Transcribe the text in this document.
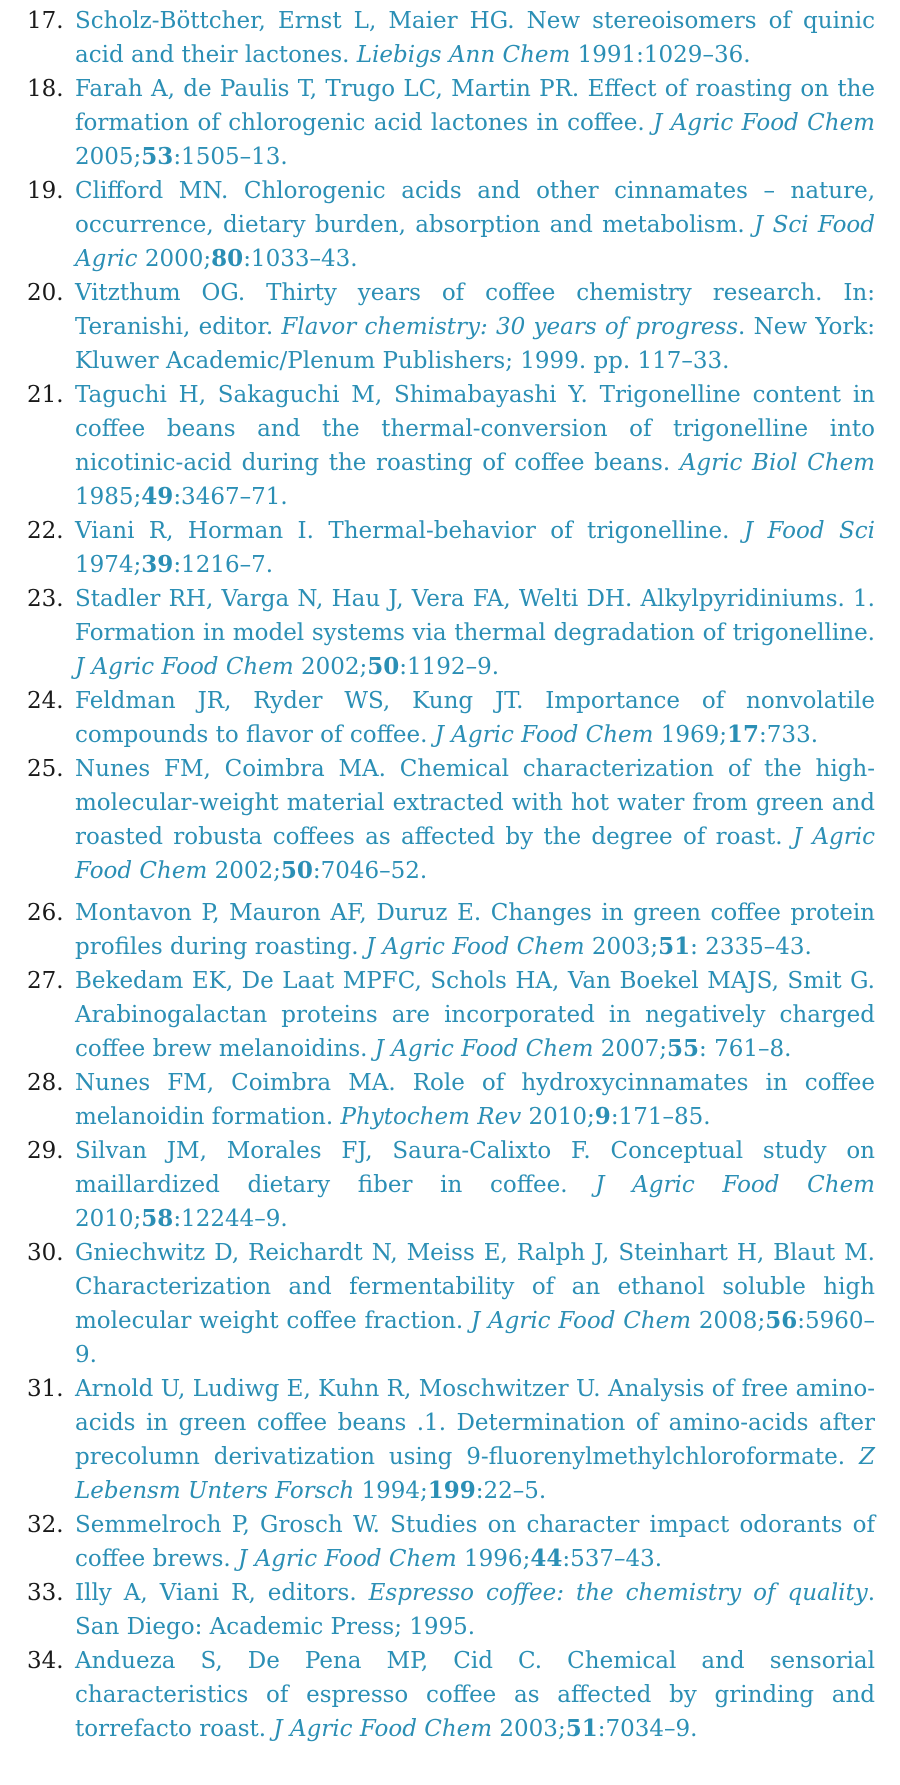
17. Scholz-Böttcher, Ernst L, Maier HG. New stereoisomers of quinic acid and their lactones. Liebigs Ann Chem 1991:1029–36.
18. Farah A, de Paulis T, Trugo LC, Martin PR. Effect of roasting on the formation of chlorogenic acid lactones in coffee. J Agric Food Chem 2005;53:1505–13.
19. Clifford MN. Chlorogenic acids and other cinnamates – nature, occurrence, dietary burden, absorption and metabolism. J Sci Food Agric 2000;80:1033–43.
20. Vitzthum OG. Thirty years of coffee chemistry research. In: Teranishi, editor. Flavor chemistry: 30 years of progress. New York: Kluwer Academic/Plenum Publishers; 1999. pp. 117–33.
21. Taguchi H, Sakaguchi M, Shimabayashi Y. Trigonelline content in coffee beans and the thermal-conversion of trigonelline into nicotinic-acid during the roasting of coffee beans. Agric Biol Chem 1985;49:3467–71.
22. Viani R, Horman I. Thermal-behavior of trigonelline. J Food Sci 1974;39:1216–7.
23. Stadler RH, Varga N, Hau J, Vera FA, Welti DH. Alkylpyridiniums. 1. Formation in model systems via thermal degradation of trigonelline. J Agric Food Chem 2002;50:1192–9.
24. Feldman JR, Ryder WS, Kung JT. Importance of nonvolatile compounds to flavor of coffee. J Agric Food Chem 1969;17:733.
25. Nunes FM, Coimbra MA. Chemical characterization of the high-molecular-weight material extracted with hot water from green and roasted robusta coffees as affected by the degree of roast. J Agric Food Chem 2002;50:7046–52.
26. Montavon P, Mauron AF, Duruz E. Changes in green coffee protein profiles during roasting. J Agric Food Chem 2003;51: 2335–43.
27. Bekedam EK, De Laat MPFC, Schols HA, Van Boekel MAJS, Smit G. Arabinogalactan proteins are incorporated in negatively charged coffee brew melanoidins. J Agric Food Chem 2007;55: 761–8.
28. Nunes FM, Coimbra MA. Role of hydroxycinnamates in coffee melanoidin formation. Phytochem Rev 2010;9:171–85.
29. Silvan JM, Morales FJ, Saura-Calixto F. Conceptual study on maillardized dietary fiber in coffee. J Agric Food Chem 2010;58:12244–9.
30. Gniechwitz D, Reichardt N, Meiss E, Ralph J, Steinhart H, Blaut M. Characterization and fermentability of an ethanol soluble high molecular weight coffee fraction. J Agric Food Chem 2008;56:5960–9.
31. Arnold U, Ludiwg E, Kuhn R, Moschwitzer U. Analysis of free amino-acids in green coffee beans .1. Determination of amino-acids after precolumn derivatization using 9-fluorenylmethylchloroformate. Z Lebensm Unters Forsch 1994;199:22–5.
32. Semmelroch P, Grosch W. Studies on character impact odorants of coffee brews. J Agric Food Chem 1996;44:537–43.
33. Illy A, Viani R, editors. Espresso coffee: the chemistry of quality. San Diego: Academic Press; 1995.
34. Andueza S, De Pena MP, Cid C. Chemical and sensorial characteristics of espresso coffee as affected by grinding and torrefacto roast. J Agric Food Chem 2003;51:7034–9.
